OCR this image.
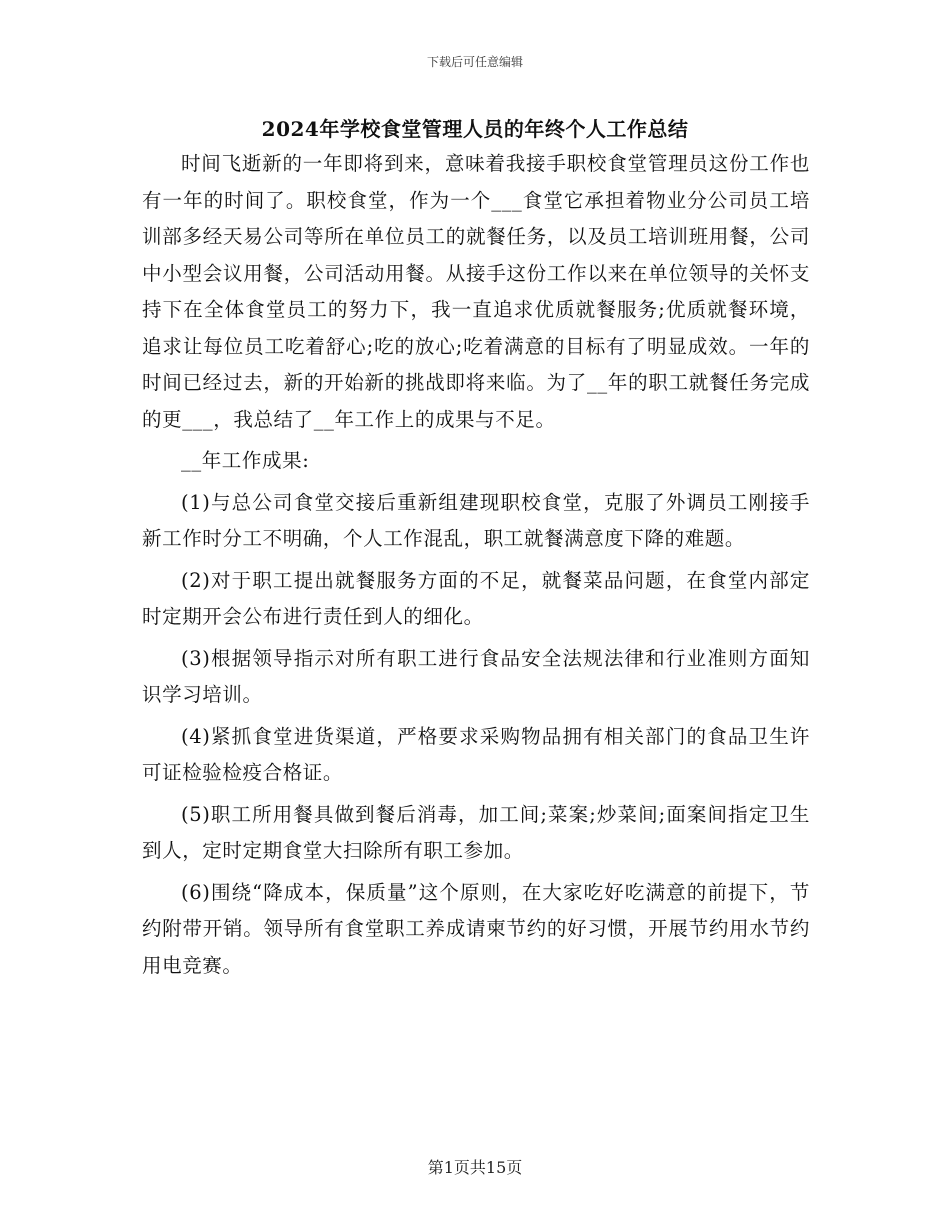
下载后可任意编辑
2024年学校食堂管理人员的年终个人工作总结

时间飞逝新的一年即将到来，意味着我接手职校食堂管理员这份工作也有一年的时间了。职校食堂，作为一个___食堂它承担着物业分公司员工培训部多经天易公司等所在单位员工的就餐任务，以及员工培训班用餐，公司中小型会议用餐，公司活动用餐。从接手这份工作以来在单位领导的关怀支持下在全体食堂员工的努力下，我一直追求优质就餐服务;优质就餐环境，追求让每位员工吃着舒心;吃的放心;吃着满意的目标有了明显成效。一年的时间已经过去，新的开始新的挑战即将来临。为了__年的职工就餐任务完成的更___，我总结了__年工作上的成果与不足。

__年工作成果:

(1)与总公司食堂交接后重新组建现职校食堂，克服了外调员工刚接手新工作时分工不明确，个人工作混乱，职工就餐满意度下降的难题。

(2)对于职工提出就餐服务方面的不足，就餐菜品问题，在食堂内部定时定期开会公布进行责任到人的细化。

(3)根据领导指示对所有职工进行食品安全法规法律和行业准则方面知识学习培训。

(4)紧抓食堂进货渠道，严格要求采购物品拥有相关部门的食品卫生许可证检验检疫合格证。

(5)职工所用餐具做到餐后消毒，加工间;菜案;炒菜间;面案间指定卫生到人，定时定期食堂大扫除所有职工参加。

(6)围绕“降成本，保质量”这个原则，在大家吃好吃满意的前提下，节约附带开销。领导所有食堂职工养成请柬节约的好习惯，开展节约用水节约用电竞赛。

第1页共15页
